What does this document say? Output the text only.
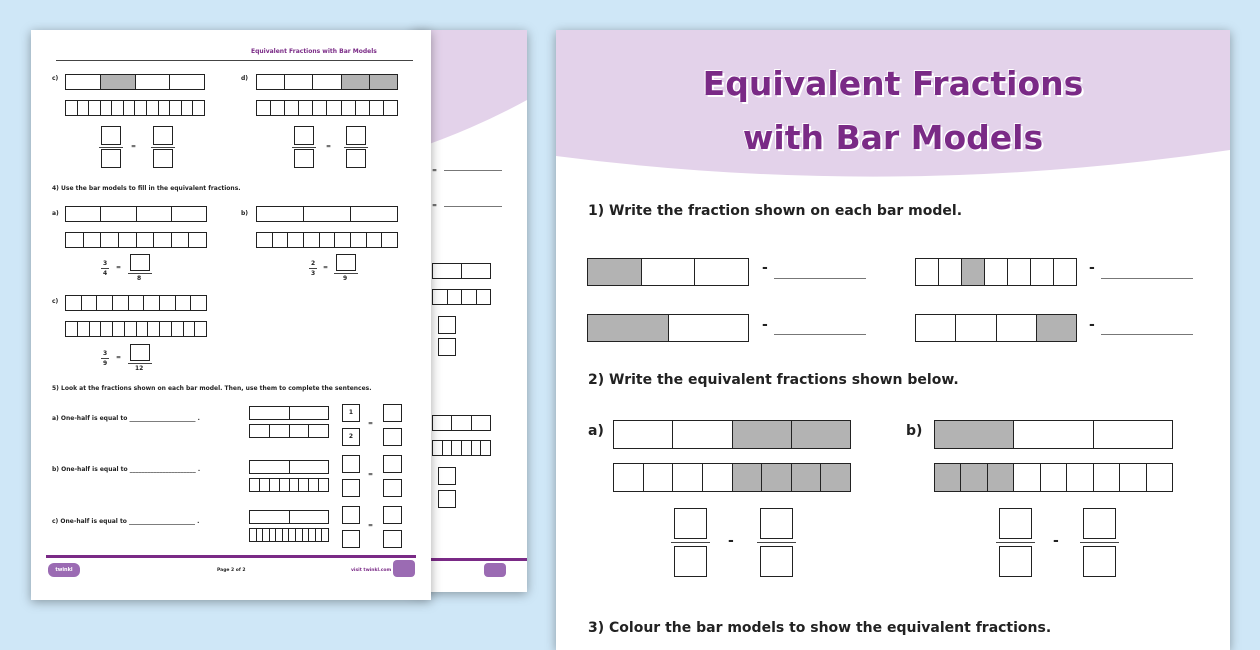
=
=
Equivalent Fractions with Bar Models
c)
=
d)
=
4) Use the bar models to fill in the equivalent fractions.
a)
3
4
=
8
b)
2
3
=
9
c)
3
9
=
12
5) Look at the fractions shown on each bar model. Then, use them to complete the sentences.
a) One-half is equal to ______________________ .
1
2
=
b) One-half is equal to ______________________ .
=
c) One-half is equal to ______________________ .
=
twinkl	Page 2 of 2	visit twinkl.com
Equivalent Fractions
with Bar Models
1) Write the fraction shown on each bar model.
-	-
-	-
2) Write the equivalent fractions shown below.
a)
-
b)
-
3) Colour the bar models to show the equivalent fractions.
